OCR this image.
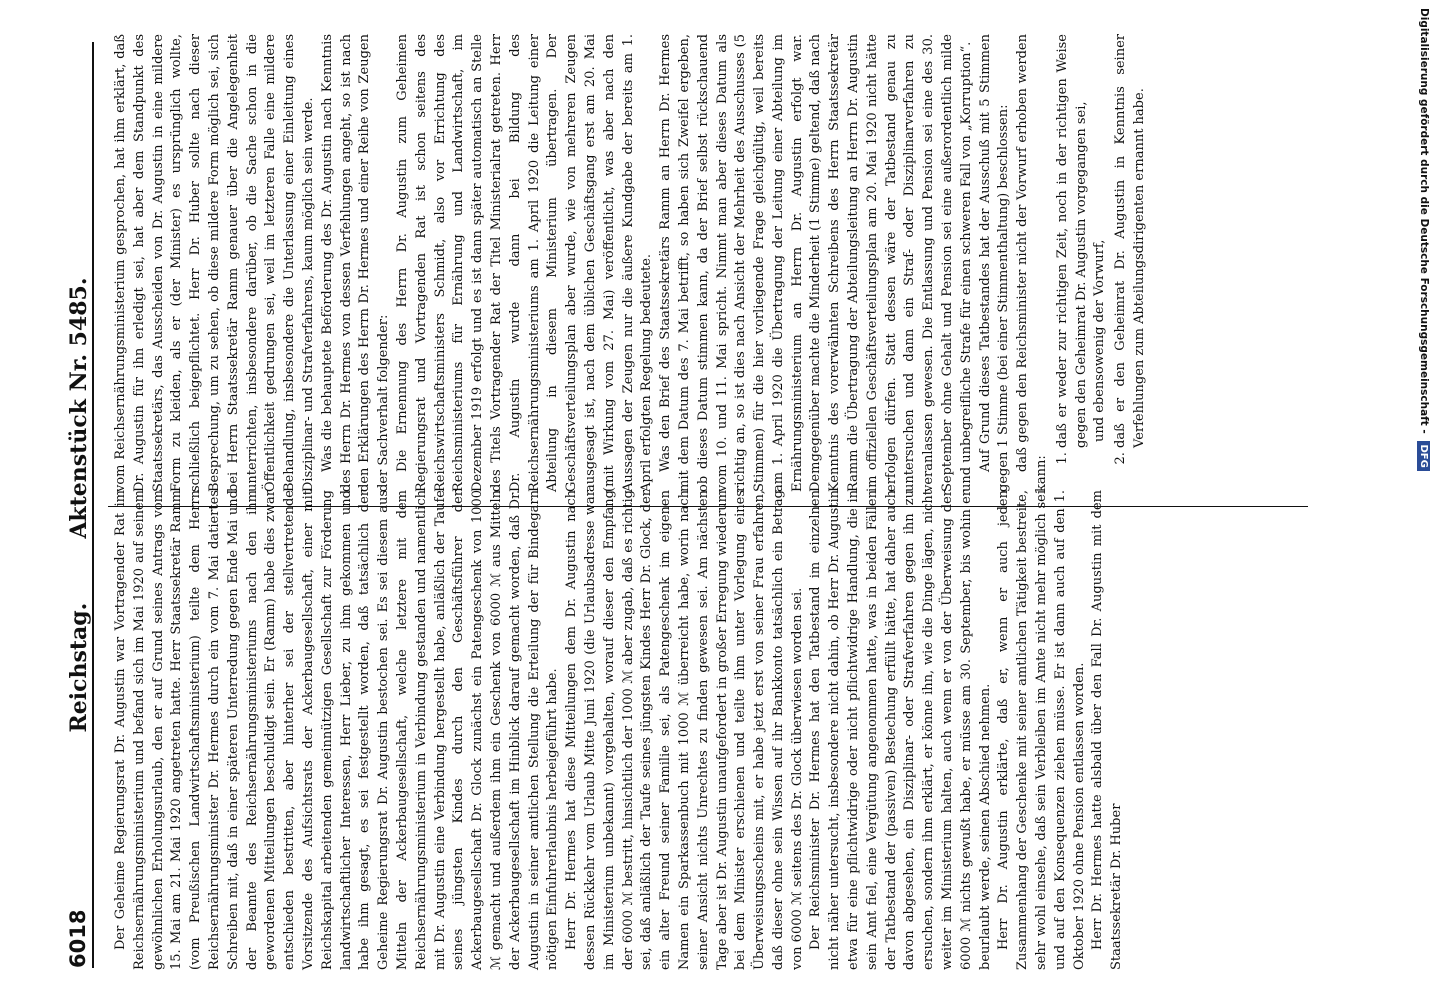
6018
Reichstag.Aktenstück Nr. 5485.

Der Geheime Regierungsrat Dr. Augustin war Vortragender Rat im Reichsernährungsministerium und befand sich im Mai 1920 auf seinem gewöhnlichen Erholungsurlaub, den er auf Grund seines Antrags vom 15. Mai am 21. Mai 1920 angetreten hatte. Herr Staatssekretär Ramm (vom Preußischen Landwirtschaftsministerium) teilte dem Herrn Reichsernährungsminister Dr. Hermes durch ein vom 7. Mai datiertes Schreiben mit, daß in einer späteren Unterredung gegen Ende Mai und der Beamte des Reichsernährungsministeriums nach den ihm gewordenen Mitteilungen beschuldigt sein. Er (Ramm) habe dies zwar entschieden bestritten, aber hinterher sei der stellvertretende Vorsitzende des Aufsichtsrats der Ackerbaugesellschaft, einer mit Reichskapital arbeitenden gemeinnützigen Gesellschaft zur Förderung landwirtschaftlicher Interessen, Herr Lieber, zu ihm gekommen und habe ihm gesagt, es sei festgestellt worden, daß tatsächlich der Geheime Regierungsrat Dr. Augustin bestochen sei. Es sei diesem aus Mitteln der Ackerbaugesellschaft, welche letztere mit dem Reichsernährungsministerium in Verbindung gestanden und namentlich mit Dr. Augustin eine Verbindung hergestellt habe, anläßlich der Taufe seines jüngsten Kindes durch den Geschäftsführer der Ackerbaugesellschaft Dr. Glock zunächst ein Patengeschenk von 1000 ℳ gemacht und außerdem ihm ein Geschenk von 6000 ℳ aus Mitteln der Ackerbaugesellschaft im Hinblick darauf gemacht worden, daß Dr. Augustin in seiner amtlichen Stellung die Erteilung der für Bindegarn nötigen Einfuhrerlaubnis herbeigeführt habe. Herr Dr. Hermes hat diese Mitteilungen dem Dr. Augustin nach dessen Rückkehr vom Urlaub Mitte Juni 1920 (die Urlaubsadresse war im Ministerium unbekannt) vorgehalten, worauf dieser den Empfang der 6000 ℳ bestritt, hinsichtlich der 1000 ℳ aber zugab, daß es richtig sei, daß anläßlich der Taufe seines jüngsten Kindes Herr Dr. Glock, der ein alter Freund seiner Familie sei, als Patengeschenk im eigenen Namen ein Sparkassenbuch mit 1000 ℳ überreicht habe, worin nach seiner Ansicht nichts Unrechtes zu finden gewesen sei. Am nächsten Tage aber ist Dr. Augustin unaufgefordert in großer Erregung wiederum bei dem Minister erschienen und teilte ihm unter Vorlegung eines Überweisungsscheins mit, er habe jetzt erst von seiner Frau erfahren, daß dieser ohne sein Wissen auf ihr Bankkonto tatsächlich ein Betrag von 6000 ℳ seitens des Dr. Glock überwiesen worden sei. Der Reichsminister Dr. Hermes hat den Tatbestand im einzelnen nicht näher untersucht, insbesondere nicht dahin, ob Herr Dr. Augustin etwa für eine pflichtwidrige oder nicht pflichtwidrige Handlung, die in sein Amt fiel, eine Vergütung angenommen hatte, was in beiden Fällen der Tatbestand der (passiven) Bestechung erfüllt hätte, hat daher auch davon abgesehen, ein Disziplinar- oder Strafverfahren gegen ihn zu ersuchen, sondern ihm erklärt, er könne ihn, wie die Dinge lägen, nicht weiter im Ministerium halten, auch wenn er von der Überweisung der 6000 ℳ nichts gewußt habe, er müsse am 30. September, bis wohin er beurlaubt werde, seinen Abschied nehmen. Herr Dr. Augustin erklärte, daß er, wenn er auch jeden Zusammenhang der Geschenke mit seiner amtlichen Tätigkeit bestreite, sehr wohl einsehe, daß sein Verbleiben im Amte nicht mehr möglich sei und auf den Konsequenzen ziehen müsse. Er ist dann auch auf den 1. Oktober 1920 ohne Pension entlassen worden. Herr Dr. Hermes hatte alsbald über den Fall Dr. Augustin mit dem Staatssekretär Dr. Huber

vom Reichsernährungsministerium gesprochen, hat ihm erklärt, daß Dr. Augustin für ihn erledigt sei, hat aber dem Standpunkt des Staatssekretärs, das Ausscheiden von Dr. Augustin in eine mildere Form zu kleiden, als er (der Minister) es ursprünglich wollte, schließlich beigepflichtet. Herr Dr. Huber sollte nach dieser Besprechung, um zu sehen, ob diese mildere Form möglich sei, sich bei Herrn Staatssekretär Ramm genauer über die Angelegenheit unterrichten, insbesondere darüber, ob die Sache schon in die Öffentlichkeit gedrungen sei, weil im letzteren Falle eine mildere Behandlung, insbesondere die Unterlassung einer Einleitung eines Disziplinar- und Strafverfahrens, kaum möglich sein werde. Was die behauptete Beförderung des Dr. Augustin nach Kenntnis des Herrn Dr. Hermes von dessen Verfehlungen angeht, so ist nach den Erklärungen des Herrn Dr. Hermes und einer Reihe von Zeugen der Sachverhalt folgender: Die Ernennung des Herrn Dr. Augustin zum Geheimen Regierungsrat und Vortragenden Rat ist schon seitens des Reichswirtschaftsministers Schmidt, also vor Errichtung des Reichsministeriums für Ernährung und Landwirtschaft, im Dezember 1919 erfolgt und es ist dann später automatisch an Stelle des Titels Vortragender Rat der Titel Ministerialrat getreten. Herr Dr. Augustin wurde dann bei Bildung des Reichsernährungsministeriums am 1. April 1920 die Leitung einer Abteilung in diesem Ministerium übertragen. Der Geschäftsverteilungsplan aber wurde, wie von mehreren Zeugen ausgesagt ist, nach dem üblichen Geschäftsgang erst am 20. Mai (mit Wirkung vom 27. Mai) veröffentlicht, was aber nach den Aussagen der Zeugen nur die äußere Kundgabe der bereits am 1. April erfolgten Regelung bedeutete. Was den Brief des Staatssekretärs Ramm an Herrn Dr. Hermes mit dem Datum des 7. Mai betrifft, so haben sich Zweifel ergeben, ob dieses Datum stimmen kann, da der Brief selbst rückschauend vom 10. und 11. Mai spricht. Nimmt man aber dieses Datum als richtig an, so ist dies nach Ansicht der Mehrheit des Ausschusses (5 Stimmen) für die hier vorliegende Frage gleichgültig, weil bereits am 1. April 1920 die Übertragung der Leitung einer Abteilung im Ernährungsministerium an Herrn Dr. Augustin erfolgt war. Demgegenüber machte die Minderheit (1 Stimme) geltend, daß nach Kenntnis des vorerwähnten Schreibens des Herrn Staatssekretär Ramm die Übertragung der Abteilungsleitung an Herrn Dr. Augustin im offiziellen Geschäftsverteilungsplan am 20. Mai 1920 nicht hätte erfolgen dürfen. Statt dessen wäre der Tatbestand genau zu untersuchen und dann ein Straf- oder Disziplinarverfahren zu veranlassen gewesen. Die Entlassung und Pension sei eine des 30. September ohne Gehalt und Pension sei eine außerordentlich milde und unbegreifliche Strafe für einen schweren Fall von „Korruption“. Auf Grund dieses Tatbestandes hat der Ausschuß mit 5 Stimmen gegen 1 Stimme (bei einer Stimmenthaltung) beschlossen: daß gegen den Reichsminister nicht der Vorwurf erhoben werden kann:

1. daß er weder zur richtigen Zeit, noch in der richtigen Weise gegen den Geheimrat Dr. Augustin vorgegangen sei, und ebensowenig der Vorwurf,

2. daß er den Geheimrat Dr. Augustin in Kenntnis seiner Verfehlungen zum Abteilungsdirigenten ernannt habe.	Digitalisierung gefördert durch die Deutsche Forschungsgemeinschaft - DFG
